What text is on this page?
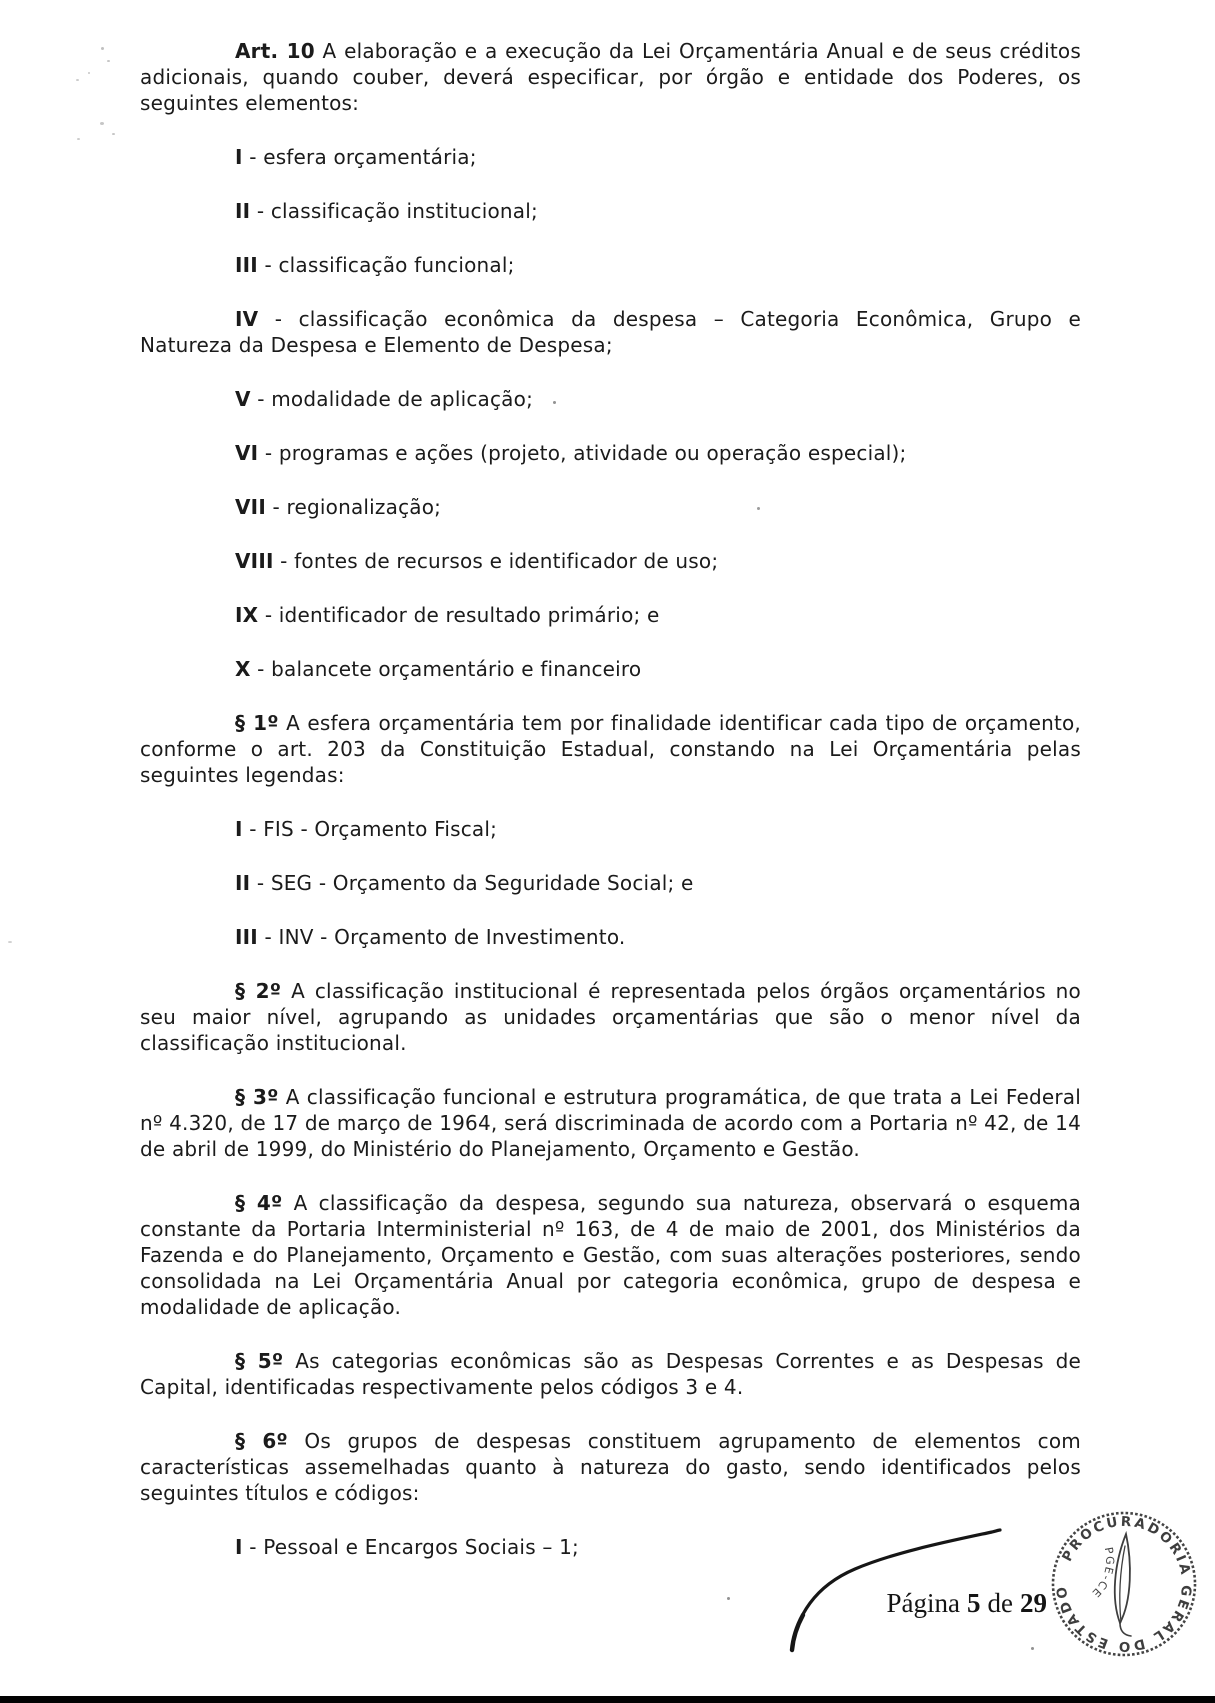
Art. 10 A elaboração e a execução da Lei Orçamentária Anual e de seus créditos adicionais, quando couber, deverá especificar, por órgão e entidade dos Poderes, os seguintes elementos:

I - esfera orçamentária;

II - classificação institucional;

III - classificação funcional;

IV - classificação econômica da despesa – Categoria Econômica, Grupo e Natureza da Despesa e Elemento de Despesa;

V - modalidade de aplicação;

VI - programas e ações (projeto, atividade ou operação especial);

VII - regionalização;

VIII - fontes de recursos e identificador de uso;

IX - identificador de resultado primário; e

X - balancete orçamentário e financeiro

§ 1º A esfera orçamentária tem por finalidade identificar cada tipo de orçamento, conforme o art. 203 da Constituição Estadual, constando na Lei Orçamentária pelas seguintes legendas:

I - FIS - Orçamento Fiscal;

II - SEG - Orçamento da Seguridade Social; e

III - INV - Orçamento de Investimento.

§ 2º A classificação institucional é representada pelos órgãos orçamentários no seu maior nível, agrupando as unidades orçamentárias que são o menor nível da classificação institucional.

§ 3º A classificação funcional e estrutura programática, de que trata a Lei Federal nº 4.320, de 17 de março de 1964, será discriminada de acordo com a Portaria nº 42, de 14 de abril de 1999, do Ministério do Planejamento, Orçamento e Gestão.

§ 4º A classificação da despesa, segundo sua natureza, observará o esquema constante da Portaria Interministerial nº 163, de 4 de maio de 2001, dos Ministérios da Fazenda e do Planejamento, Orçamento e Gestão, com suas alterações posteriores, sendo consolidada na Lei Orçamentária Anual por categoria econômica, grupo de despesa e modalidade de aplicação.

§ 5º As categorias econômicas são as Despesas Correntes e as Despesas de Capital, identificadas respectivamente pelos códigos 3 e 4.

§ 6º Os grupos de despesas constituem agrupamento de elementos com características assemelhadas quanto à natureza do gasto, sendo identificados pelos seguintes títulos e códigos:

I - Pessoal e Encargos Sociais – 1;

Página 5 de 29
PROCURADORIA GERAL DO ESTADO
PGE-CE
